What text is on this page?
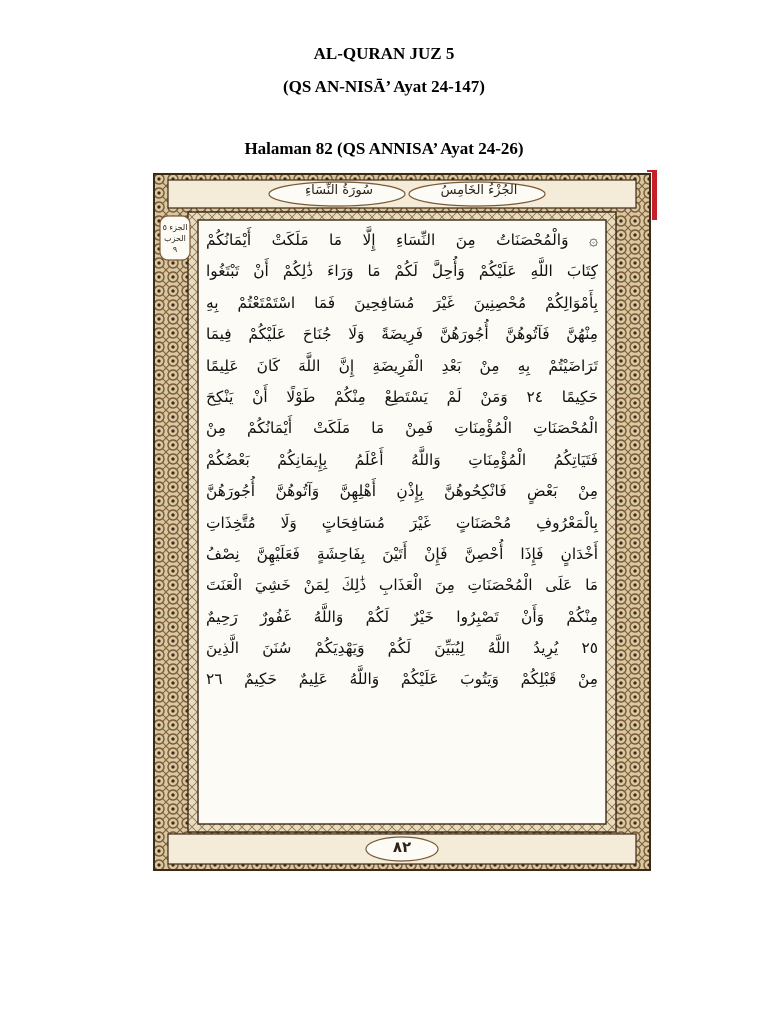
AL-QURAN JUZ 5
(QS AN-NISĀ’ Ayat 24-147)
Halaman 82 (QS ANNISA’ Ayat 24-26)
سُورَةُ النِّسَاءِ	الجُزْءُ الخَامِسُ
الجزء ٥ الحزب ٩
۞ وَالْمُحْصَنَاتُ مِنَ النِّسَاءِ إِلَّا مَا مَلَكَتْ أَيْمَانُكُمْ
كِتَابَ اللَّهِ عَلَيْكُمْ وَأُحِلَّ لَكُمْ مَا وَرَاءَ ذَٰلِكُمْ أَنْ تَبْتَغُوا
بِأَمْوَالِكُمْ مُحْصِنِينَ غَيْرَ مُسَافِحِينَ فَمَا اسْتَمْتَعْتُمْ بِهِ
مِنْهُنَّ فَآتُوهُنَّ أُجُورَهُنَّ فَرِيضَةً وَلَا جُنَاحَ عَلَيْكُمْ فِيمَا
تَرَاضَيْتُمْ بِهِ مِنْ بَعْدِ الْفَرِيضَةِ إِنَّ اللَّهَ كَانَ عَلِيمًا
حَكِيمًا ٢٤ وَمَنْ لَمْ يَسْتَطِعْ مِنْكُمْ طَوْلًا أَنْ يَنْكِحَ
الْمُحْصَنَاتِ الْمُؤْمِنَاتِ فَمِنْ مَا مَلَكَتْ أَيْمَانُكُمْ مِنْ
فَتَيَاتِكُمُ الْمُؤْمِنَاتِ وَاللَّهُ أَعْلَمُ بِإِيمَانِكُمْ بَعْضُكُمْ
مِنْ بَعْضٍ فَانْكِحُوهُنَّ بِإِذْنِ أَهْلِهِنَّ وَآتُوهُنَّ أُجُورَهُنَّ
بِالْمَعْرُوفِ مُحْصَنَاتٍ غَيْرَ مُسَافِحَاتٍ وَلَا مُتَّخِذَاتِ
أَخْدَانٍ فَإِذَا أُحْصِنَّ فَإِنْ أَتَيْنَ بِفَاحِشَةٍ فَعَلَيْهِنَّ نِصْفُ
مَا عَلَى الْمُحْصَنَاتِ مِنَ الْعَذَابِ ذَٰلِكَ لِمَنْ خَشِيَ الْعَنَتَ
مِنْكُمْ وَأَنْ تَصْبِرُوا خَيْرٌ لَكُمْ وَاللَّهُ غَفُورٌ رَحِيمٌ
٢٥ يُرِيدُ اللَّهُ لِيُبَيِّنَ لَكُمْ وَيَهْدِيَكُمْ سُنَنَ الَّذِينَ
مِنْ قَبْلِكُمْ وَيَتُوبَ عَلَيْكُمْ وَاللَّهُ عَلِيمٌ حَكِيمٌ ٢٦
٨٢
